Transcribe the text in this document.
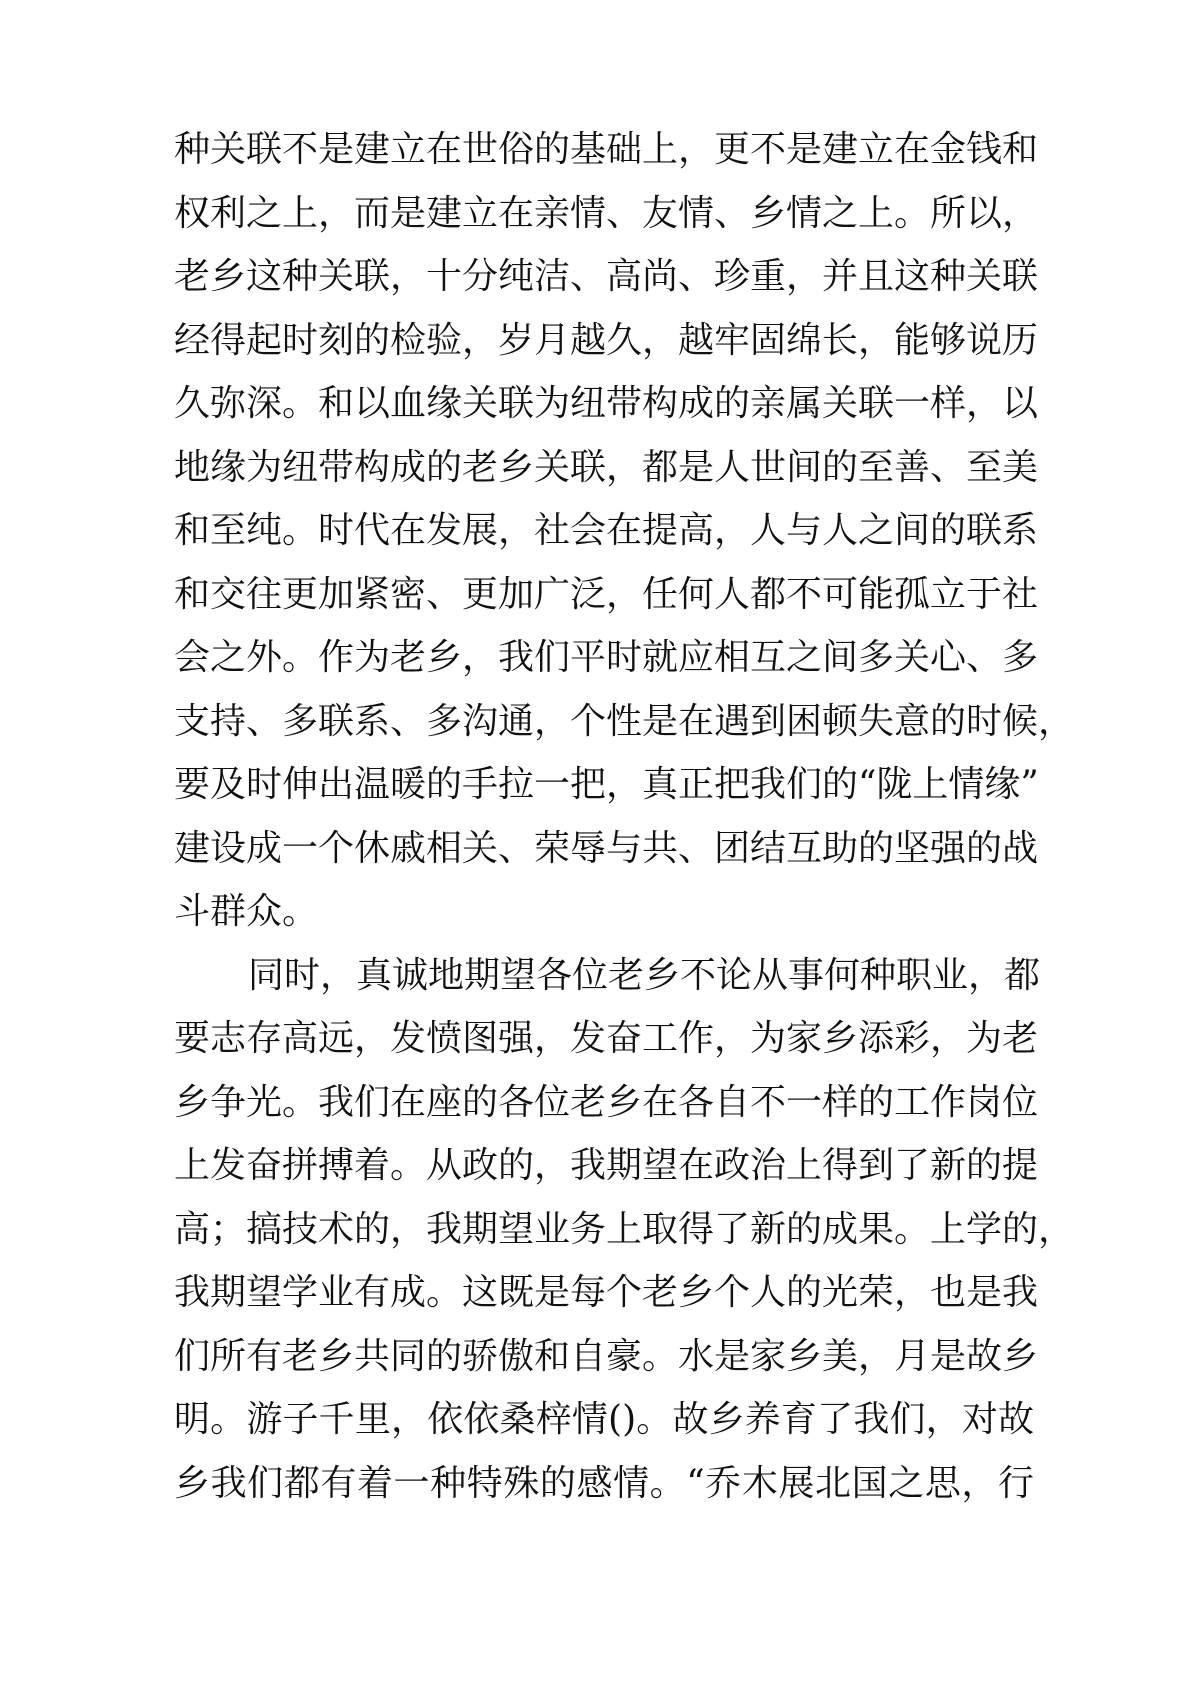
种关联不是建立在世俗的基础上，更不是建立在金钱和
权利之上，而是建立在亲情、友情、乡情之上。所以，
老乡这种关联，十分纯洁、高尚、珍重，并且这种关联
经得起时刻的检验，岁月越久，越牢固绵长，能够说历
久弥深。和以血缘关联为纽带构成的亲属关联一样，以
地缘为纽带构成的老乡关联，都是人世间的至善、至美
和至纯。时代在发展，社会在提高，人与人之间的联系
和交往更加紧密、更加广泛，任何人都不可能孤立于社
会之外。作为老乡，我们平时就应相互之间多关心、多
支持、多联系、多沟通，个性是在遇到困顿失意的时候，
要及时伸出温暖的手拉一把，真正把我们的“陇上情缘”
建设成一个休戚相关、荣辱与共、团结互助的坚强的战
斗群众。
同时，真诚地期望各位老乡不论从事何种职业，都
要志存高远，发愤图强，发奋工作，为家乡添彩，为老
乡争光。我们在座的各位老乡在各自不一样的工作岗位
上发奋拼搏着。从政的，我期望在政治上得到了新的提
高；搞技术的，我期望业务上取得了新的成果。上学的，
我期望学业有成。这既是每个老乡个人的光荣，也是我
们所有老乡共同的骄傲和自豪。水是家乡美，月是故乡
明。游子千里，依依桑梓情()。故乡养育了我们，对故
乡我们都有着一种特殊的感情。“乔木展北国之思，行
